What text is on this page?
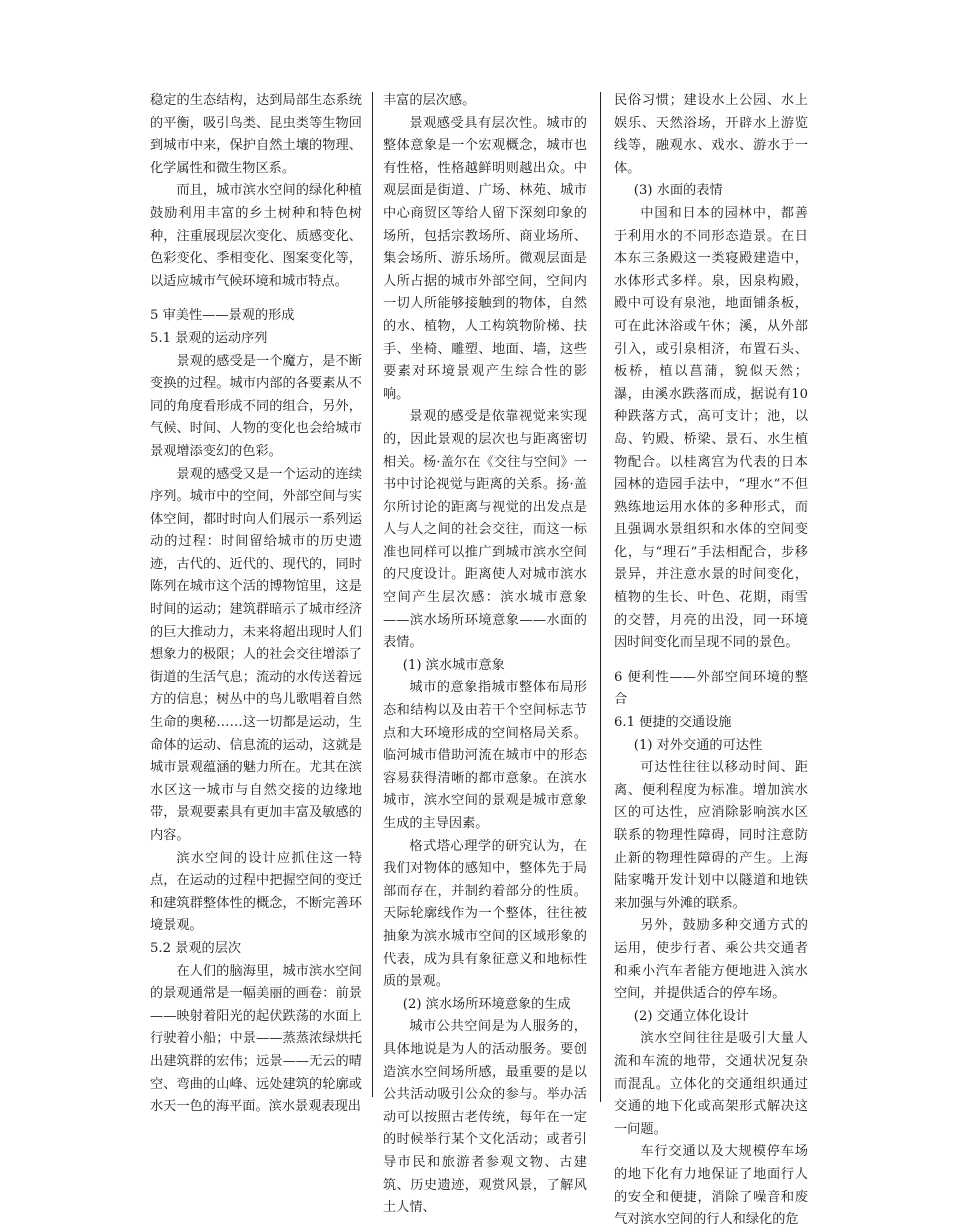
稳定的生态结构，达到局部生态系统的平衡，吸引鸟类、昆虫类等生物回到城市中来，保护自然土壤的物理、化学属性和微生物区系。

而且，城市滨水空间的绿化种植鼓励利用丰富的乡土树种和特色树种，注重展现层次变化、质感变化、色彩变化、季相变化、图案变化等，以适应城市气候环境和城市特点。

5 审美性——景观的形成

5.1 景观的运动序列

景观的感受是一个魔方，是不断变换的过程。城市内部的各要素从不同的角度看形成不同的组合，另外，气候、时间、人物的变化也会给城市景观增添变幻的色彩。

景观的感受又是一个运动的连续序列。城市中的空间，外部空间与实体空间，都时时向人们展示一系列运动的过程：时间留给城市的历史遗迹，古代的、近代的、现代的，同时陈列在城市这个活的博物馆里，这是时间的运动；建筑群暗示了城市经济的巨大推动力，未来将超出现时人们想象力的极限；人的社会交往增添了街道的生活气息；流动的水传送着远方的信息；树丛中的鸟儿歌唱着自然生命的奥秘……这一切都是运动，生命体的运动、信息流的运动，这就是城市景观蕴涵的魅力所在。尤其在滨水区这一城市与自然交接的边缘地带，景观要素具有更加丰富及敏感的内容。

滨水空间的设计应抓住这一特点，在运动的过程中把握空间的变迁和建筑群整体性的概念，不断完善环境景观。

5.2 景观的层次

在人们的脑海里，城市滨水空间的景观通常是一幅美丽的画卷：前景——映射着阳光的起伏跌荡的水面上行驶着小船；中景——蒸蒸浓绿烘托出建筑群的宏伟；远景——无云的晴空、弯曲的山峰、远处建筑的轮廓或水天一色的海平面。滨水景观表现出

丰富的层次感。

景观感受具有层次性。城市的整体意象是一个宏观概念，城市也有性格，性格越鲜明则越出众。中观层面是街道、广场、林苑、城市中心商贸区等给人留下深刻印象的场所，包括宗教场所、商业场所、集会场所、游乐场所。微观层面是人所占据的城市外部空间，空间内一切人所能够接触到的物体，自然的水、植物，人工构筑物阶梯、扶手、坐椅、雕塑、地面、墙，这些要素对环境景观产生综合性的影响。

景观的感受是依靠视觉来实现的，因此景观的层次也与距离密切相关。杨·盖尔在《交往与空间》一书中讨论视觉与距离的关系。扬·盖尔所讨论的距离与视觉的出发点是人与人之间的社会交往，而这一标准也同样可以推广到城市滨水空间的尺度设计。距离使人对城市滨水空间产生层次感：滨水城市意象——滨水场所环境意象——水面的表情。

(1) 滨水城市意象

城市的意象指城市整体布局形态和结构以及由若干个空间标志节点和大环境形成的空间格局关系。临河城市借助河流在城市中的形态容易获得清晰的都市意象。在滨水城市，滨水空间的景观是城市意象生成的主导因素。

格式塔心理学的研究认为，在我们对物体的感知中，整体先于局部而存在，并制约着部分的性质。天际轮廓线作为一个整体，往往被抽象为滨水城市空间的区域形象的代表，成为具有象征意义和地标性质的景观。

(2) 滨水场所环境意象的生成

城市公共空间是为人服务的，具体地说是为人的活动服务。要创造滨水空间场所感，最重要的是以公共活动吸引公众的参与。举办活动可以按照古老传统，每年在一定的时候举行某个文化活动；或者引导市民和旅游者参观文物、古建筑、历史遗迹，观赏风景，了解风土人情、

民俗习惯；建设水上公园、水上娱乐、天然浴场，开辟水上游览线等，融观水、戏水、游水于一体。

(3) 水面的表情

中国和日本的园林中，都善于利用水的不同形态造景。在日本东三条殿这一类寝殿建造中，水体形式多样。泉，因泉构殿，殿中可设有泉池，地面铺条板，可在此沐浴或午休；溪，从外部引入，或引泉相济，布置石头、板桥，植以菖蒲，貌似天然；瀑，由溪水跌落而成，据说有10种跌落方式，高可支计；池，以岛、钓殿、桥梁、景石、水生植物配合。以桂离宫为代表的日本园林的造园手法中，“理水”不但熟练地运用水体的多种形式，而且强调水景组织和水体的空间变化，与“理石”手法相配合，步移景异，并注意水景的时间变化，植物的生长、叶色、花期，雨雪的交替，月亮的出没，同一环境因时间变化而呈现不同的景色。

6 便利性——外部空间环境的整合

6.1 便捷的交通设施

(1) 对外交通的可达性

可达性往往以移动时间、距离、便利程度为标准。增加滨水区的可达性，应消除影响滨水区联系的物理性障碍，同时注意防止新的物理性障碍的产生。上海陆家嘴开发计划中以隧道和地铁来加强与外滩的联系。

另外，鼓励多种交通方式的运用，使步行者、乘公共交通者和乘小汽车者能方便地进入滨水空间，并提供适合的停车场。

(2) 交通立体化设计

滨水空间往往是吸引大量人流和车流的地带，交通状况复杂而混乱。立体化的交通组织通过交通的地下化或高架形式解决这一问题。

车行交通以及大规模停车场的地下化有力地保证了地面行人的安全和便捷，消除了噪音和废气对滨水空间的行人和绿化的危
